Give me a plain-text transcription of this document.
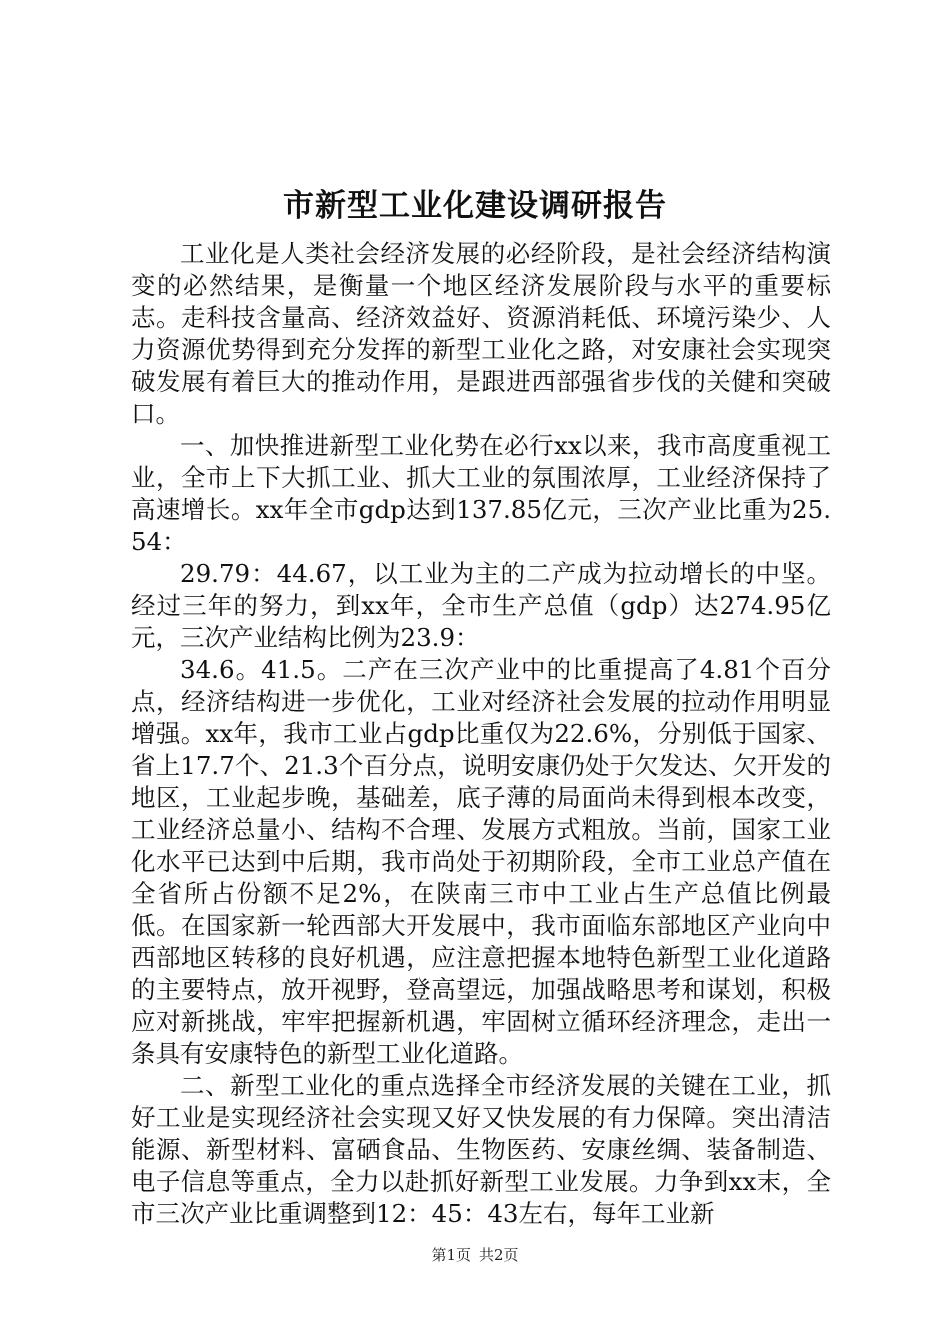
市新型工业化建设调研报告

工业化是人类社会经济发展的必经阶段，是社会经济结构演变的必然结果，是衡量一个地区经济发展阶段与水平的重要标志。走科技含量高、经济效益好、资源消耗低、环境污染少、人力资源优势得到充分发挥的新型工业化之路，对安康社会实现突破发展有着巨大的推动作用，是跟进西部强省步伐的关健和突破口。

一、加快推进新型工业化势在必行xx以来，我市高度重视工业，全市上下大抓工业、抓大工业的氛围浓厚，工业经济保持了高速增长。xx年全市gdp达到137.85亿元，三次产业比重为25.54：

29.79：44.67，以工业为主的二产成为拉动增长的中坚。经过三年的努力，到xx年，全市生产总值（gdp）达274.95亿元，三次产业结构比例为23.9：

34.6。41.5。二产在三次产业中的比重提高了4.81个百分点，经济结构进一步优化，工业对经济社会发展的拉动作用明显增强。xx年，我市工业占gdp比重仅为22.6%，分别低于国家、省上17.7个、21.3个百分点，说明安康仍处于欠发达、欠开发的地区，工业起步晚，基础差，底子薄的局面尚未得到根本改变，工业经济总量小、结构不合理、发展方式粗放。当前，国家工业化水平已达到中后期，我市尚处于初期阶段，全市工业总产值在全省所占份额不足2%，在陕南三市中工业占生产总值比例最低。在国家新一轮西部大开发展中，我市面临东部地区产业向中西部地区转移的良好机遇，应注意把握本地特色新型工业化道路的主要特点，放开视野，登高望远，加强战略思考和谋划，积极应对新挑战，牢牢把握新机遇，牢固树立循环经济理念，走出一条具有安康特色的新型工业化道路。

二、新型工业化的重点选择全市经济发展的关键在工业，抓好工业是实现经济社会实现又好又快发展的有力保障。突出清洁能源、新型材料、富硒食品、生物医药、安康丝绸、装备制造、电子信息等重点，全力以赴抓好新型工业发展。力争到xx末，全市三次产业比重调整到12：45：43左右，每年工业新

第1页 共2页
